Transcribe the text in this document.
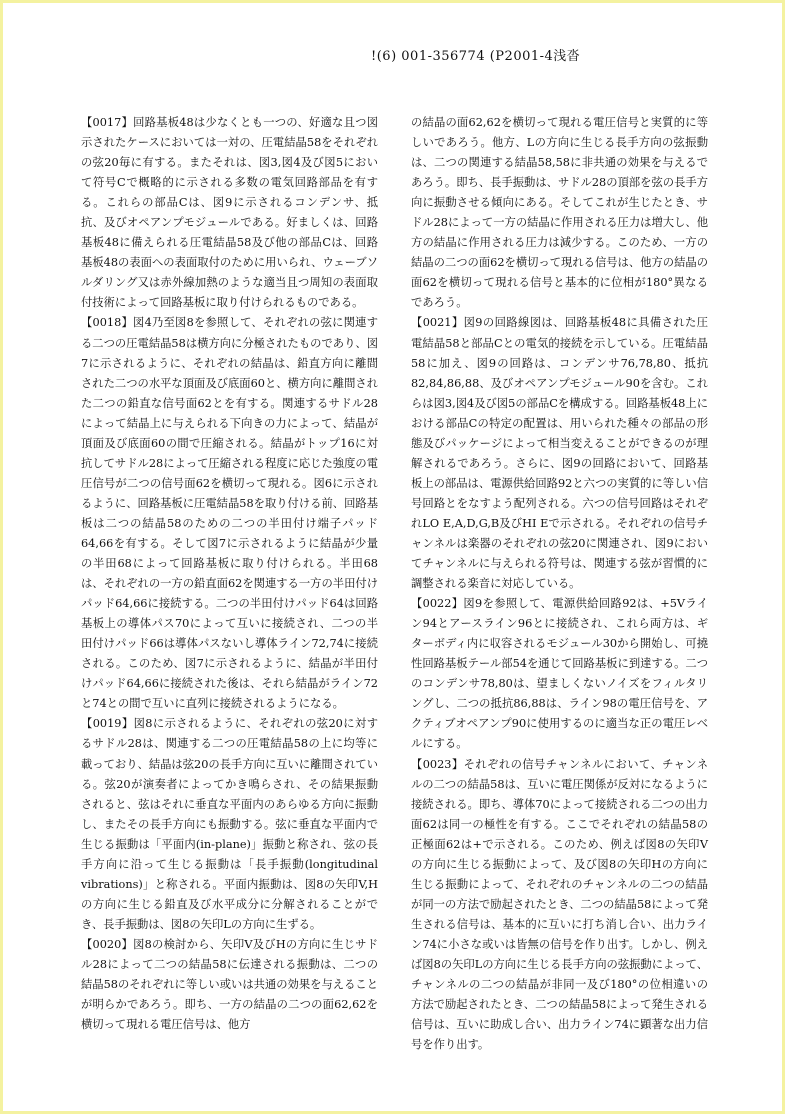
!(6) 001-356774 (P2001-4浅沓

【0017】回路基板48は少なくとも一つの、好適な且つ図示されたケースにおいては一対の、圧電結晶58をそれぞれの弦20毎に有する。またそれは、図3,図4及び図5において符号Cで概略的に示される多数の電気回路部品を有する。これらの部品Cは、図9に示されるコンデンサ、抵抗、及びオペアンプモジュールである。好ましくは、回路基板48に備えられる圧電結晶58及び他の部品Cは、回路基板48の表面への表面取付のために用いられ、ウェーブソルダリング又は赤外線加熱のような適当且つ周知の表面取付技術によって回路基板に取り付けられるものである。

【0018】図4乃至図8を参照して、それぞれの弦に関連する二つの圧電結晶58は横方向に分極されたものであり、図7に示されるように、それぞれの結晶は、鉛直方向に離間された二つの水平な頂面及び底面60と、横方向に離間された二つの鉛直な信号面62とを有する。関連するサドル28によって結晶上に与えられる下向きの力によって、結晶が頂面及び底面60の間で圧縮される。結晶がトップ16に対抗してサドル28によって圧縮される程度に応じた強度の電圧信号が二つの信号面62を横切って現れる。図6に示されるように、回路基板に圧電結晶58を取り付ける前、回路基板は二つの結晶58のための二つの半田付け端子パッド64,66を有する。そして図7に示されるように結晶が少量の半田68によって回路基板に取り付けられる。半田68は、それぞれの一方の鉛直面62を関連する一方の半田付けパッド64,66に接続する。二つの半田付けパッド64は回路基板上の導体パス70によって互いに接続され、二つの半田付けパッド66は導体パスないし導体ライン72,74に接続される。このため、図7に示されるように、結晶が半田付けパッド64,66に接続された後は、それら結晶がライン72と74との間で互いに直列に接続されるようになる。

【0019】図8に示されるように、それぞれの弦20に対するサドル28は、関連する二つの圧電結晶58の上に均等に載っており、結晶は弦20の長手方向に互いに離間されている。弦20が演奏者によってかき鳴らされ、その結果振動されると、弦はそれに垂直な平面内のあらゆる方向に振動し、またその長手方向にも振動する。弦に垂直な平面内で生じる振動は「平面内(in-plane)」振動と称され、弦の長手方向に沿って生じる振動は「長手振動(longitudinal vibrations)」と称される。平面内振動は、図8の矢印V,Hの方向に生じる鉛直及び水平成分に分解されることができ、長手振動は、図8の矢印Lの方向に生ずる。

【0020】図8の検討から、矢印V及びHの方向に生じサドル28によって二つの結晶58に伝達される振動は、二つの結晶58のそれぞれに等しい或いは共通の効果を与えることが明らかであろう。即ち、一方の結晶の二つの面62,62を横切って現れる電圧信号は、他方

の結晶の面62,62を横切って現れる電圧信号と実質的に等しいであろう。他方、Lの方向に生じる長手方向の弦振動は、二つの関連する結晶58,58に非共通の効果を与えるであろう。即ち、長手振動は、サドル28の頂部を弦の長手方向に振動させる傾向にある。そしてこれが生じたとき、サドル28によって一方の結晶に作用される圧力は増大し、他方の結晶に作用される圧力は減少する。このため、一方の結晶の二つの面62を横切って現れる信号は、他方の結晶の面62を横切って現れる信号と基本的に位相が180°異なるであろう。

【0021】図9の回路線図は、回路基板48に具備された圧電結晶58と部品Cとの電気的接続を示している。圧電結晶58に加え、図9の回路は、コンデンサ76,78,80、抵抗82,84,86,88、及びオペアンプモジュール90を含む。これらは図3,図4及び図5の部品Cを構成する。回路基板48上における部品Cの特定の配置は、用いられた種々の部品の形態及びパッケージによって相当変えることができるのが理解されるであろう。さらに、図9の回路において、回路基板上の部品は、電源供給回路92と六つの実質的に等しい信号回路とをなすよう配列される。六つの信号回路はそれぞれLO E,A,D,G,B及びHI Eで示される。それぞれの信号チャンネルは楽器のそれぞれの弦20に関連され、図9においてチャンネルに与えられる符号は、関連する弦が習慣的に調整される楽音に対応している。

【0022】図9を参照して、電源供給回路92は、+5Vライン94とアースライン96とに接続され、これら両方は、ギターボディ内に収容されるモジュール30から開始し、可撓性回路基板テール部54を通じて回路基板に到達する。二つのコンデンサ78,80は、望ましくないノイズをフィルタリングし、二つの抵抗86,88は、ライン98の電圧信号を、アクティブオペアンプ90に使用するのに適当な正の電圧レベルにする。

【0023】それぞれの信号チャンネルにおいて、チャンネルの二つの結晶58は、互いに電圧関係が反対になるように接続される。即ち、導体70によって接続される二つの出力面62は同一の極性を有する。ここでそれぞれの結晶58の正極面62は+で示される。このため、例えば図8の矢印Vの方向に生じる振動によって、及び図8の矢印Hの方向に生じる振動によって、それぞれのチャンネルの二つの結晶が同一の方法で励起されたとき、二つの結晶58によって発生される信号は、基本的に互いに打ち消し合い、出力ライン74に小さな或いは皆無の信号を作り出す。しかし、例えば図8の矢印Lの方向に生じる長手方向の弦振動によって、チャンネルの二つの結晶が非同一及び180°の位相違いの方法で励起されたとき、二つの結晶58によって発生される信号は、互いに助成し合い、出力ライン74に顕著な出力信号を作り出す。
